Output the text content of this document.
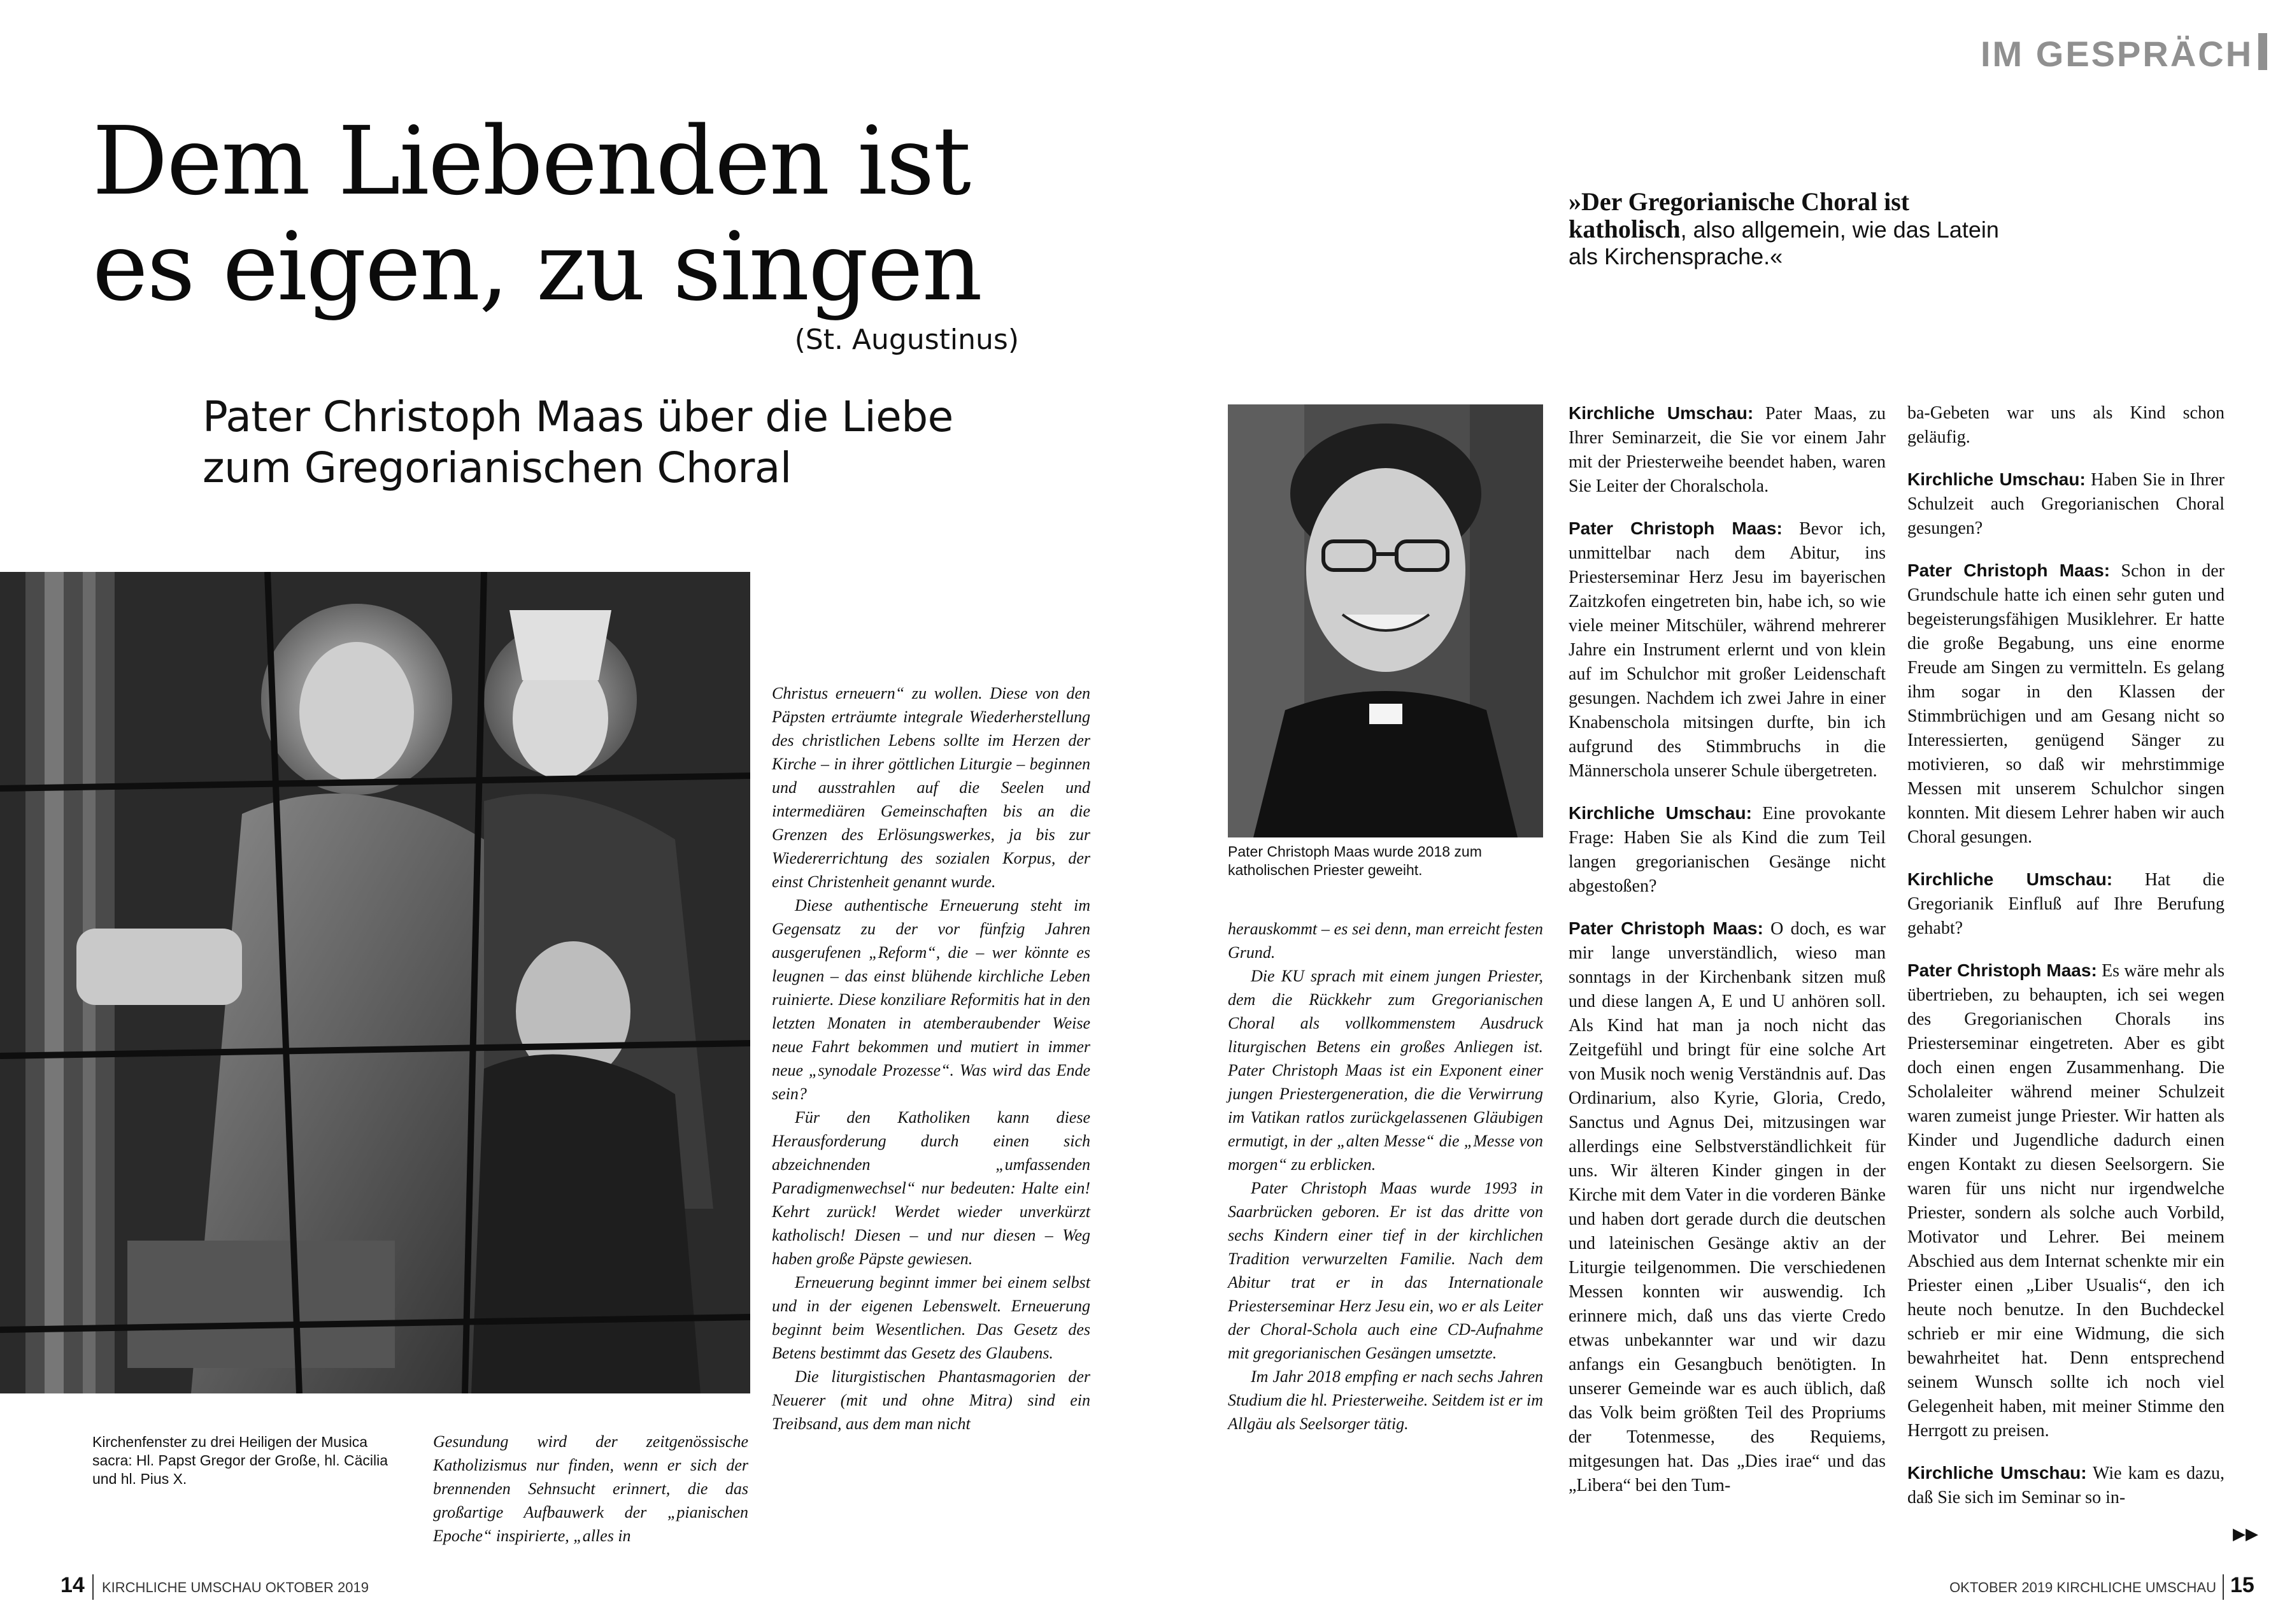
IM GESPRÄCH
Dem Liebenden ist
es eigen, zu singen
(St. Augustinus)
Pater Christoph Maas über die Liebe
zum Gregorianischen Choral
Kirchenfenster zu drei Heiligen der Musica sacra: Hl. Papst Gregor der Große, hl. Cäcilia und hl. Pius X.

Gesundung wird der zeitgenössische Katholizismus nur finden, wenn er sich der brennenden Sehnsucht erinnert, die das großartige Aufbauwerk der „pianischen Epoche“ inspirierte, „alles in

Christus erneuern“ zu wollen. Diese von den Päpsten erträumte integrale Wiederherstellung des christlichen Lebens sollte im Herzen der Kirche – in ihrer göttlichen Liturgie – beginnen und ausstrahlen auf die Seelen und intermediären Gemeinschaften bis an die Grenzen des Erlösungswerkes, ja bis zur Wiedererrichtung des sozialen Korpus, der einst Christenheit genannt wurde.

Diese authentische Erneuerung steht im Gegensatz zu der vor fünfzig Jahren ausgerufenen „Reform“, die – wer könnte es leugnen – das einst blühende kirchliche Leben ruinierte. Diese konziliare Reformitis hat in den letzten Monaten in atemberaubender Weise neue Fahrt bekommen und mutiert in immer neue „synodale Prozesse“. Was wird das Ende sein?

Für den Katholiken kann diese Herausforderung durch einen sich abzeichnenden „umfassenden Paradigmenwechsel“ nur bedeuten: Halte ein! Kehrt zurück! Werdet wieder unverkürzt katholisch! Diesen – und nur diesen – Weg haben große Päpste gewiesen.

Erneuerung beginnt immer bei einem selbst und in der eigenen Lebenswelt. Erneuerung beginnt beim Wesentlichen. Das Gesetz des Betens bestimmt das Gesetz des Glaubens.

Die liturgistischen Phantasmagorien der Neuerer (mit und ohne Mitra) sind ein Treibsand, aus dem man nicht

Pater Christoph Maas wurde 2018 zum katholischen Priester geweiht.

herauskommt – es sei denn, man erreicht festen Grund.

Die KU sprach mit einem jungen Priester, dem die Rückkehr zum Gregorianischen Choral als vollkommenstem Ausdruck liturgischen Betens ein großes Anliegen ist. Pater Christoph Maas ist ein Exponent einer jungen Priestergeneration, die die Verwirrung im Vatikan ratlos zurückgelassenen Gläubigen ermutigt, in der „alten Messe“ die „Messe von morgen“ zu erblicken.

Pater Christoph Maas wurde 1993 in Saarbrücken geboren. Er ist das dritte von sechs Kindern einer tief in der kirchlichen Tradition verwurzelten Familie. Nach dem Abitur trat er in das Internationale Priesterseminar Herz Jesu ein, wo er als Leiter der Choral-Schola auch eine CD-Aufnahme mit gregorianischen Gesängen umsetzte.

Im Jahr 2018 empfing er nach sechs Jahren Studium die hl. Priesterweihe. Seitdem ist er im Allgäu als Seelsorger tätig.

»Der Gregorianische Choral ist katholisch, also allgemein, wie das Latein als Kirchensprache.«

Kirchliche Umschau: Pater Maas, zu Ihrer Seminarzeit, die Sie vor einem Jahr mit der Priesterweihe beendet haben, waren Sie Leiter der Choralschola.

Pater Christoph Maas: Bevor ich, unmittelbar nach dem Abitur, ins Priesterseminar Herz Jesu im bayerischen Zaitzkofen eingetreten bin, habe ich, so wie viele meiner Mitschüler, während mehrerer Jahre ein Instrument erlernt und von klein auf im Schulchor mit großer Leidenschaft gesungen. Nachdem ich zwei Jahre in einer Knabenschola mitsingen durfte, bin ich aufgrund des Stimmbruchs in die Männerschola unserer Schule übergetreten.

Kirchliche Umschau: Eine provokante Frage: Haben Sie als Kind die zum Teil langen gregorianischen Gesänge nicht abgestoßen?

Pater Christoph Maas: O doch, es war mir lange unverständlich, wieso man sonntags in der Kirchenbank sitzen muß und diese langen A, E und U anhören soll. Als Kind hat man ja noch nicht das Zeitgefühl und bringt für eine solche Art von Musik noch wenig Verständnis auf. Das Ordinarium, also Kyrie, Gloria, Credo, Sanctus und Agnus Dei, mitzusingen war allerdings eine Selbstverständlichkeit für uns. Wir älteren Kinder gingen in der Kirche mit dem Vater in die vorderen Bänke und haben dort gerade durch die deutschen und lateinischen Gesänge aktiv an der Liturgie teilgenommen. Die verschiedenen Messen konnten wir auswendig. Ich erinnere mich, daß uns das vierte Credo etwas unbekannter war und wir dazu anfangs ein Gesangbuch benötigten. In unserer Gemeinde war es auch üblich, daß das Volk beim größten Teil des Propriums der Totenmesse, des Requiems, mitgesungen hat. Das „Dies irae“ und das „Libera“ bei den Tum-

ba-Gebeten war uns als Kind schon geläufig.

Kirchliche Umschau: Haben Sie in Ihrer Schulzeit auch Gregorianischen Choral gesungen?

Pater Christoph Maas: Schon in der Grundschule hatte ich einen sehr guten und begeisterungsfähigen Musiklehrer. Er hatte die große Begabung, uns eine enorme Freude am Singen zu vermitteln. Es gelang ihm sogar in den Klassen der Stimmbrüchigen und am Gesang nicht so Interessierten, genügend Sänger zu motivieren, so daß wir mehrstimmige Messen mit unserem Schulchor singen konnten. Mit diesem Lehrer haben wir auch Choral gesungen.

Kirchliche Umschau: Hat die Gregorianik Einfluß auf Ihre Berufung gehabt?

Pater Christoph Maas: Es wäre mehr als übertrieben, zu behaupten, ich sei wegen des Gregorianischen Chorals ins Priesterseminar eingetreten. Aber es gibt doch einen engen Zusammenhang. Die Scholaleiter während meiner Schulzeit waren zumeist junge Priester. Wir hatten als Kinder und Jugendliche dadurch einen engen Kontakt zu diesen Seelsorgern. Sie waren für uns nicht nur irgendwelche Priester, sondern als solche auch Vorbild, Motivator und Lehrer. Bei meinem Abschied aus dem Internat schenkte mir ein Priester einen „Liber Usualis“, den ich heute noch benutze. In den Buchdeckel schrieb er mir eine Widmung, die sich bewahrheitet hat. Denn entsprechend seinem Wunsch sollte ich noch viel Gelegenheit haben, mit meiner Stimme den Herrgott zu preisen.

Kirchliche Umschau: Wie kam es dazu, daß Sie sich im Seminar so in-

▶▶
14 KIRCHLICHE UMSCHAU OKTOBER 2019	OKTOBER 2019 KIRCHLICHE UMSCHAU 15
